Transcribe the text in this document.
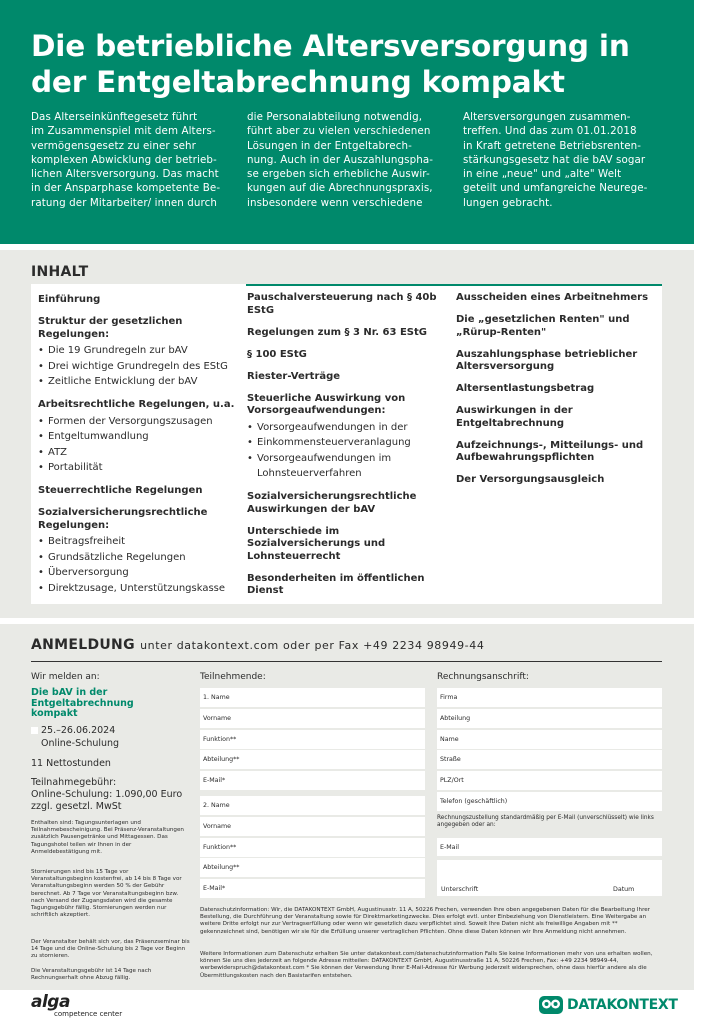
Die betriebliche Altersversorgung in der Entgeltabrechnung kompakt
Das Alterseinkünftegesetz führt
im Zusammenspiel mit dem Alters-
vermögensgesetz zu einer sehr
komplexen Abwicklung der betrieb-
lichen Altersversorgung. Das macht
in der Ansparphase kompetente Be-
ratung der Mitarbeiter/ innen durch
die Personalabteilung notwendig,
führt aber zu vielen verschiedenen
Lösungen in der Entgeltabrech-
nung. Auch in der Auszahlungspha-
se ergeben sich erhebliche Auswir-
kungen auf die Abrechnungspraxis,
insbesondere wenn verschiedene
Altersversorgungen zusammen-
treffen. Und das zum 01.01.2018
in Kraft getretene Betriebsrenten-
stärkungsgesetz hat die bAV sogar
in eine „neue" und „alte" Welt
geteilt und umfangreiche Neurege-
lungen gebracht.
INHALT
Einführung
Struktur der gesetzlichen Regelungen:
• Die 19 Grundregeln zur bAV
• Drei wichtige Grundregeln des EStG
• Zeitliche Entwicklung der bAV
Arbeitsrechtliche Regelungen, u.a.
• Formen der Versorgungszusagen
• Entgeltumwandlung
• ATZ
• Portabilität
Steuerrechtliche Regelungen
Sozialversicherungsrechtliche Regelungen:
• Beitragsfreiheit
• Grundsätzliche Regelungen
• Überversorgung
• Direktzusage, Unterstützungskasse
Pauschalversteuerung nach § 40b EStG
Regelungen zum § 3 Nr. 63 EStG
§ 100 EStG
Riester-Verträge
Steuerliche Auswirkung von Vorsorgeaufwendungen:
• Vorsorgeaufwendungen in der
• Einkommensteuerveranlagung
• Vorsorgeaufwendungen im Lohnsteuerverfahren
Sozialversicherungsrechtliche Auswirkungen der bAV
Unterschiede im Sozialversicherungs und Lohnsteuerrecht
Besonderheiten im öffentlichen Dienst
Ausscheiden eines Arbeitnehmers
Die „gesetzlichen Renten" und „Rürup-Renten"
Auszahlungsphase betrieblicher Altersversorgung
Altersentlastungsbetrag
Auswirkungen in der Entgeltabrechnung
Aufzeichnungs-, Mitteilungs- und Aufbewahrungspflichten
Der Versorgungsausgleich
ANMELDUNG unter datakontext.com oder per Fax +49 2234 98949-44
Wir melden an:
Die bAV in der Entgeltabrechnung kompakt
25.–26.06.2024
Online-Schulung
11 Nettostunden
Teilnahmegebühr:
Online-Schulung: 1.090,00 Euro
zzgl. gesetzl. MwSt
Enthalten sind: Tagungsunterlagen und Teilnahmebescheinigung. Bei Präsenz-Veranstaltungen zusätzlich Pausengetränke und Mittagessen. Das Tagungshotel teilen wir Ihnen in der Anmeldebestätigung mit.
Stornierungen sind bis 15 Tage vor Veranstaltungsbeginn kostenfrei, ab 14 bis 8 Tage vor Veranstaltungsbeginn werden 50 % der Gebühr berechnet. Ab 7 Tage vor Veranstaltungsbeginn bzw. nach Versand der Zugangsdaten wird die gesamte Tagungsgebühr fällig. Stornierungen werden nur schriftlich akzeptiert.
Der Veranstalter behält sich vor, das Präsenzseminar bis 14 Tage und die Online-Schulung bis 2 Tage vor Beginn zu stornieren.
Die Veranstaltungsgebühr ist 14 Tage nach Rechnungserhalt ohne Abzug fällig.
Teilnehmende:
1. Name
Vorname
Funktion**
Abteilung**
E-Mail*
2. Name
Vorname
Funktion**
Abteilung**
E-Mail*
Rechnungsanschrift:
Firma
Abteilung
Name
Straße
PLZ/Ort
Telefon (geschäftlich)
Rechnungszustellung standardmäßig per E-Mail (unverschlüsselt) wie links angegeben oder an:
E-Mail
Unterschrift	Datum
Datenschutzinformation: Wir, die DATAKONTEXT GmbH, Augustinusstr. 11 A, 50226 Frechen, verwenden Ihre oben angegebenen Daten für die Bearbeitung Ihrer Bestellung, die Durchführung der Veranstaltung sowie für Direktmarketingzwecke. Dies erfolgt evtl. unter Einbeziehung von Dienstleistern. Eine Weitergabe an weitere Dritte erfolgt nur zur Vertragserfüllung oder wenn wir gesetzlich dazu verpflichtet sind. Soweit Ihre Daten nicht als freiwillige Angaben mit ** gekennzeichnet sind, benötigen wir sie für die Erfüllung unserer vertraglichen Pflichten. Ohne diese Daten können wir Ihre Anmeldung nicht annehmen.
Weitere Informationen zum Datenschutz erhalten Sie unter datakontext.com/datenschutzinformation Falls Sie keine Informationen mehr von uns erhalten wollen, können Sie uns dies jederzeit an folgende Adresse mitteilen: DATAKONTEXT GmbH, Augustinusstraße 11 A, 50226 Frechen, Fax: +49 2234 98949-44, werbewiderspruch@datakontext.com * Sie können der Verwendung Ihrer E-Mail-Adresse für Werbung jederzeit widersprechen, ohne dass hierfür andere als die Übermittlungskosten nach den Basistarifen entstehen.
alga
competence center
DATAKONTEXT
